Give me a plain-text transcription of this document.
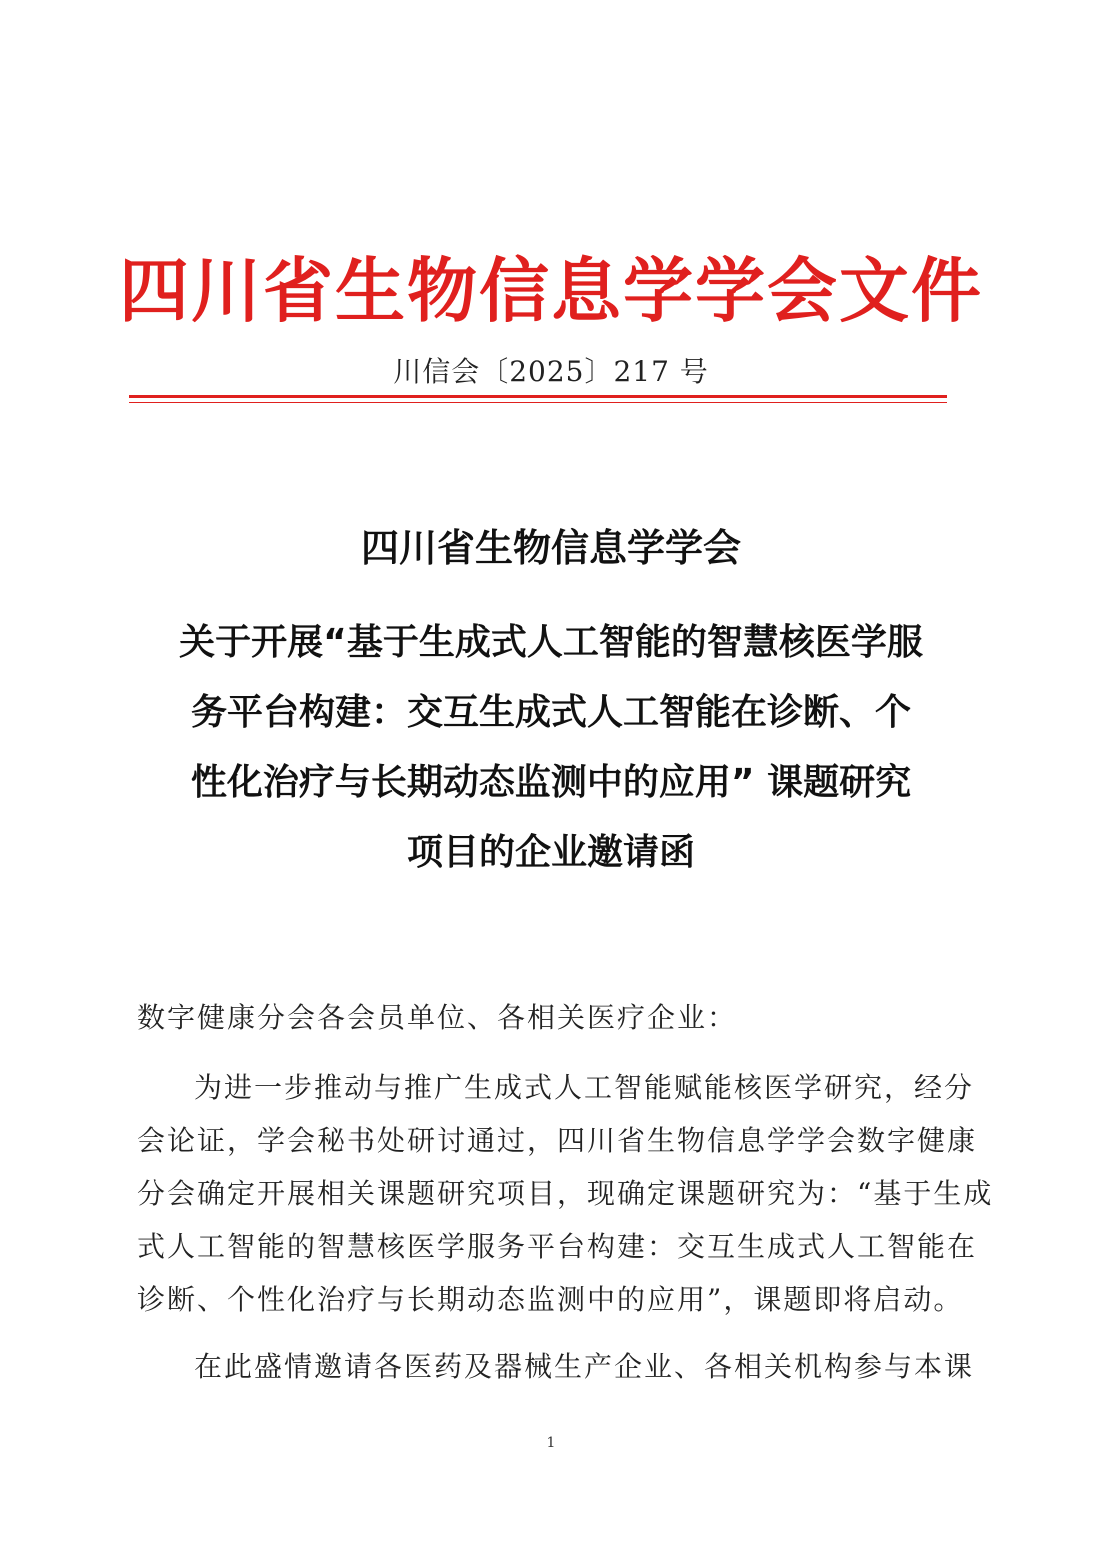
四川省生物信息学学会文件
川信会〔2025〕217 号
四川省生物信息学学会
关于开展“基于生成式人工智能的智慧核医学服
务平台构建：交互生成式人工智能在诊断、个
性化治疗与长期动态监测中的应用” 课题研究
项目的企业邀请函
数字健康分会各会员单位、各相关医疗企业：
为进一步推动与推广生成式人工智能赋能核医学研究，经分
会论证，学会秘书处研讨通过，四川省生物信息学学会数字健康
分会确定开展相关课题研究项目，现确定课题研究为：“基于生成
式人工智能的智慧核医学服务平台构建：交互生成式人工智能在
诊断、个性化治疗与长期动态监测中的应用”，课题即将启动。
在此盛情邀请各医药及器械生产企业、各相关机构参与本课
1
